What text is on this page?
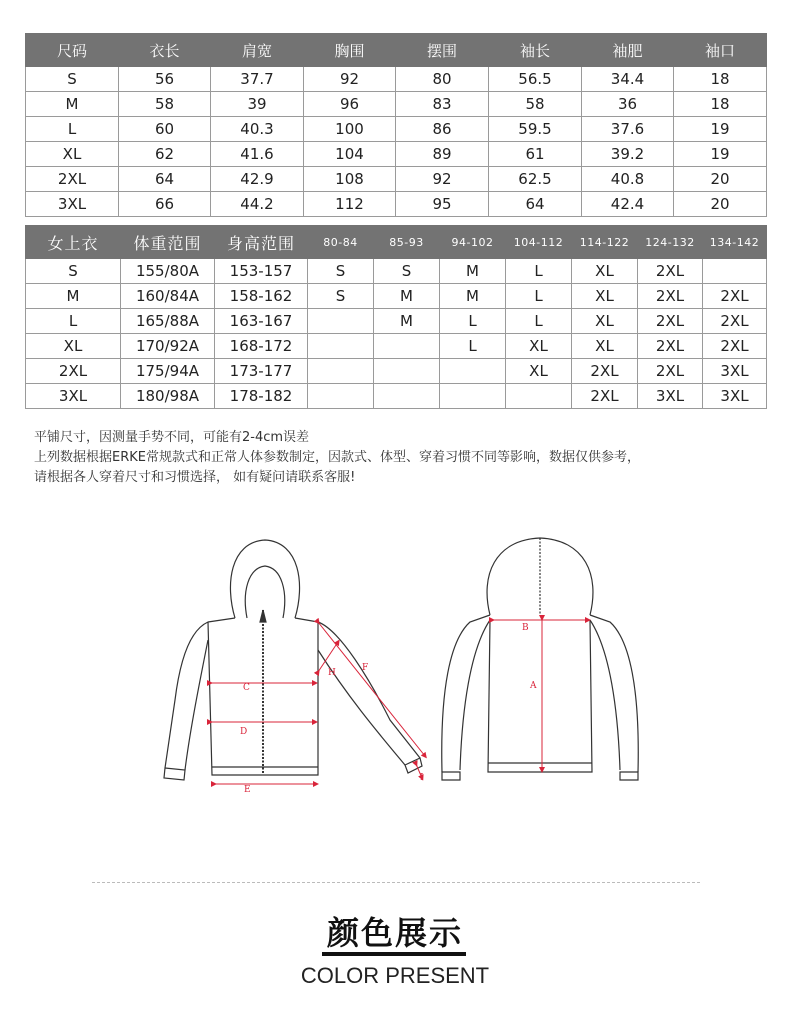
尺码	衣长	肩宽	胸围	摆围	袖长	袖肥	袖口
S	56	37.7	92	80	56.5	34.4	18
M	58	39	96	83	58	36	18
L	60	40.3	100	86	59.5	37.6	19
XL	62	41.6	104	89	61	39.2	19
2XL	64	42.9	108	92	62.5	40.8	20
3XL	66	44.2	112	95	64	42.4	20
女上衣	体重范围	身高范围	80-84	85-93	94-102	104-112	114-122	124-132	134-142
S	155/80A	153-157	S	S	M	L	XL	2XL	
M	160/84A	158-162	S	M	M	L	XL	2XL	2XL
L	165/88A	163-167		M	L	L	XL	2XL	2XL
XL	170/92A	168-172			L	XL	XL	2XL	2XL
2XL	175/94A	173-177				XL	2XL	2XL	3XL
3XL	180/98A	178-182					2XL	3XL	3XL
平铺尺寸，因测量手势不同，可能有2-4cm误差
上列数据根据ERKE常规款式和正常人体参数制定，因款式、体型、穿着习惯不同等影响，数据仅供参考，
请根据各人穿着尺寸和习惯选择， 如有疑问请联系客服!
C
D
E
F
H
I
B
A
颜色展示
COLOR PRESENT
